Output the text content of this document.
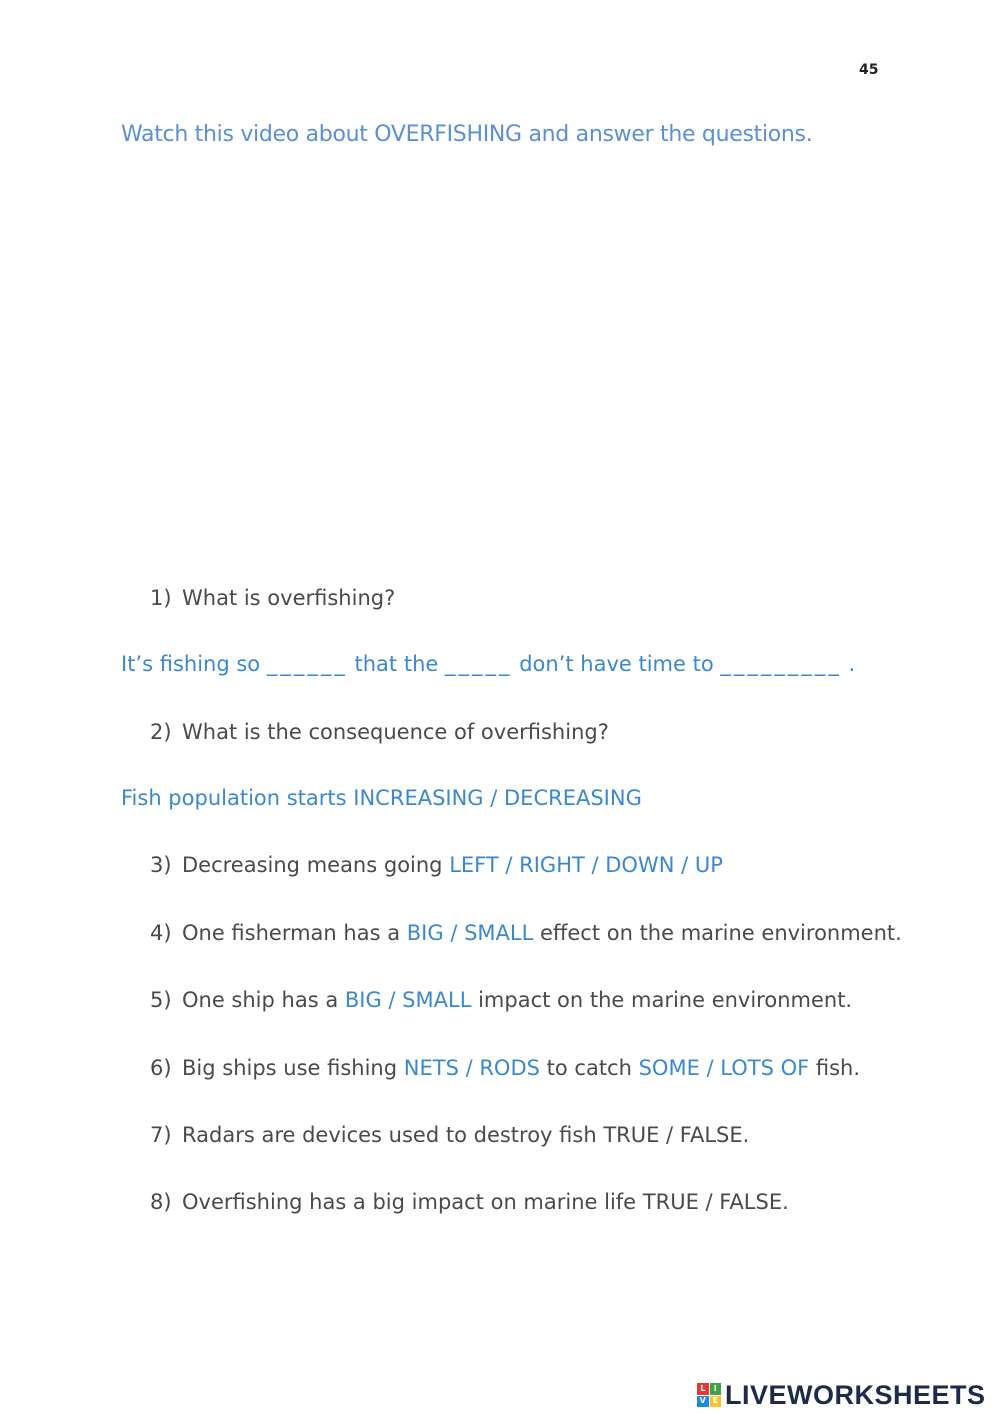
45
Watch this video about OVERFISHING and answer the questions.
1) What is overfishing?
It’s fishing so ______ that the _____ don’t have time to _________ .
2) What is the consequence of overfishing?
Fish population starts INCREASING / DECREASING
3) Decreasing means going LEFT / RIGHT / DOWN / UP
4) One fisherman has a BIG / SMALL effect on the marine environment.
5) One ship has a BIG / SMALL impact on the marine environment.
6) Big ships use fishing NETS / RODS to catch SOME / LOTS OF fish.
7) Radars are devices used to destroy fish TRUE / FALSE.
8) Overfishing has a big impact on marine life TRUE / FALSE.
L	I
V E LIVEWORKSHEETS
